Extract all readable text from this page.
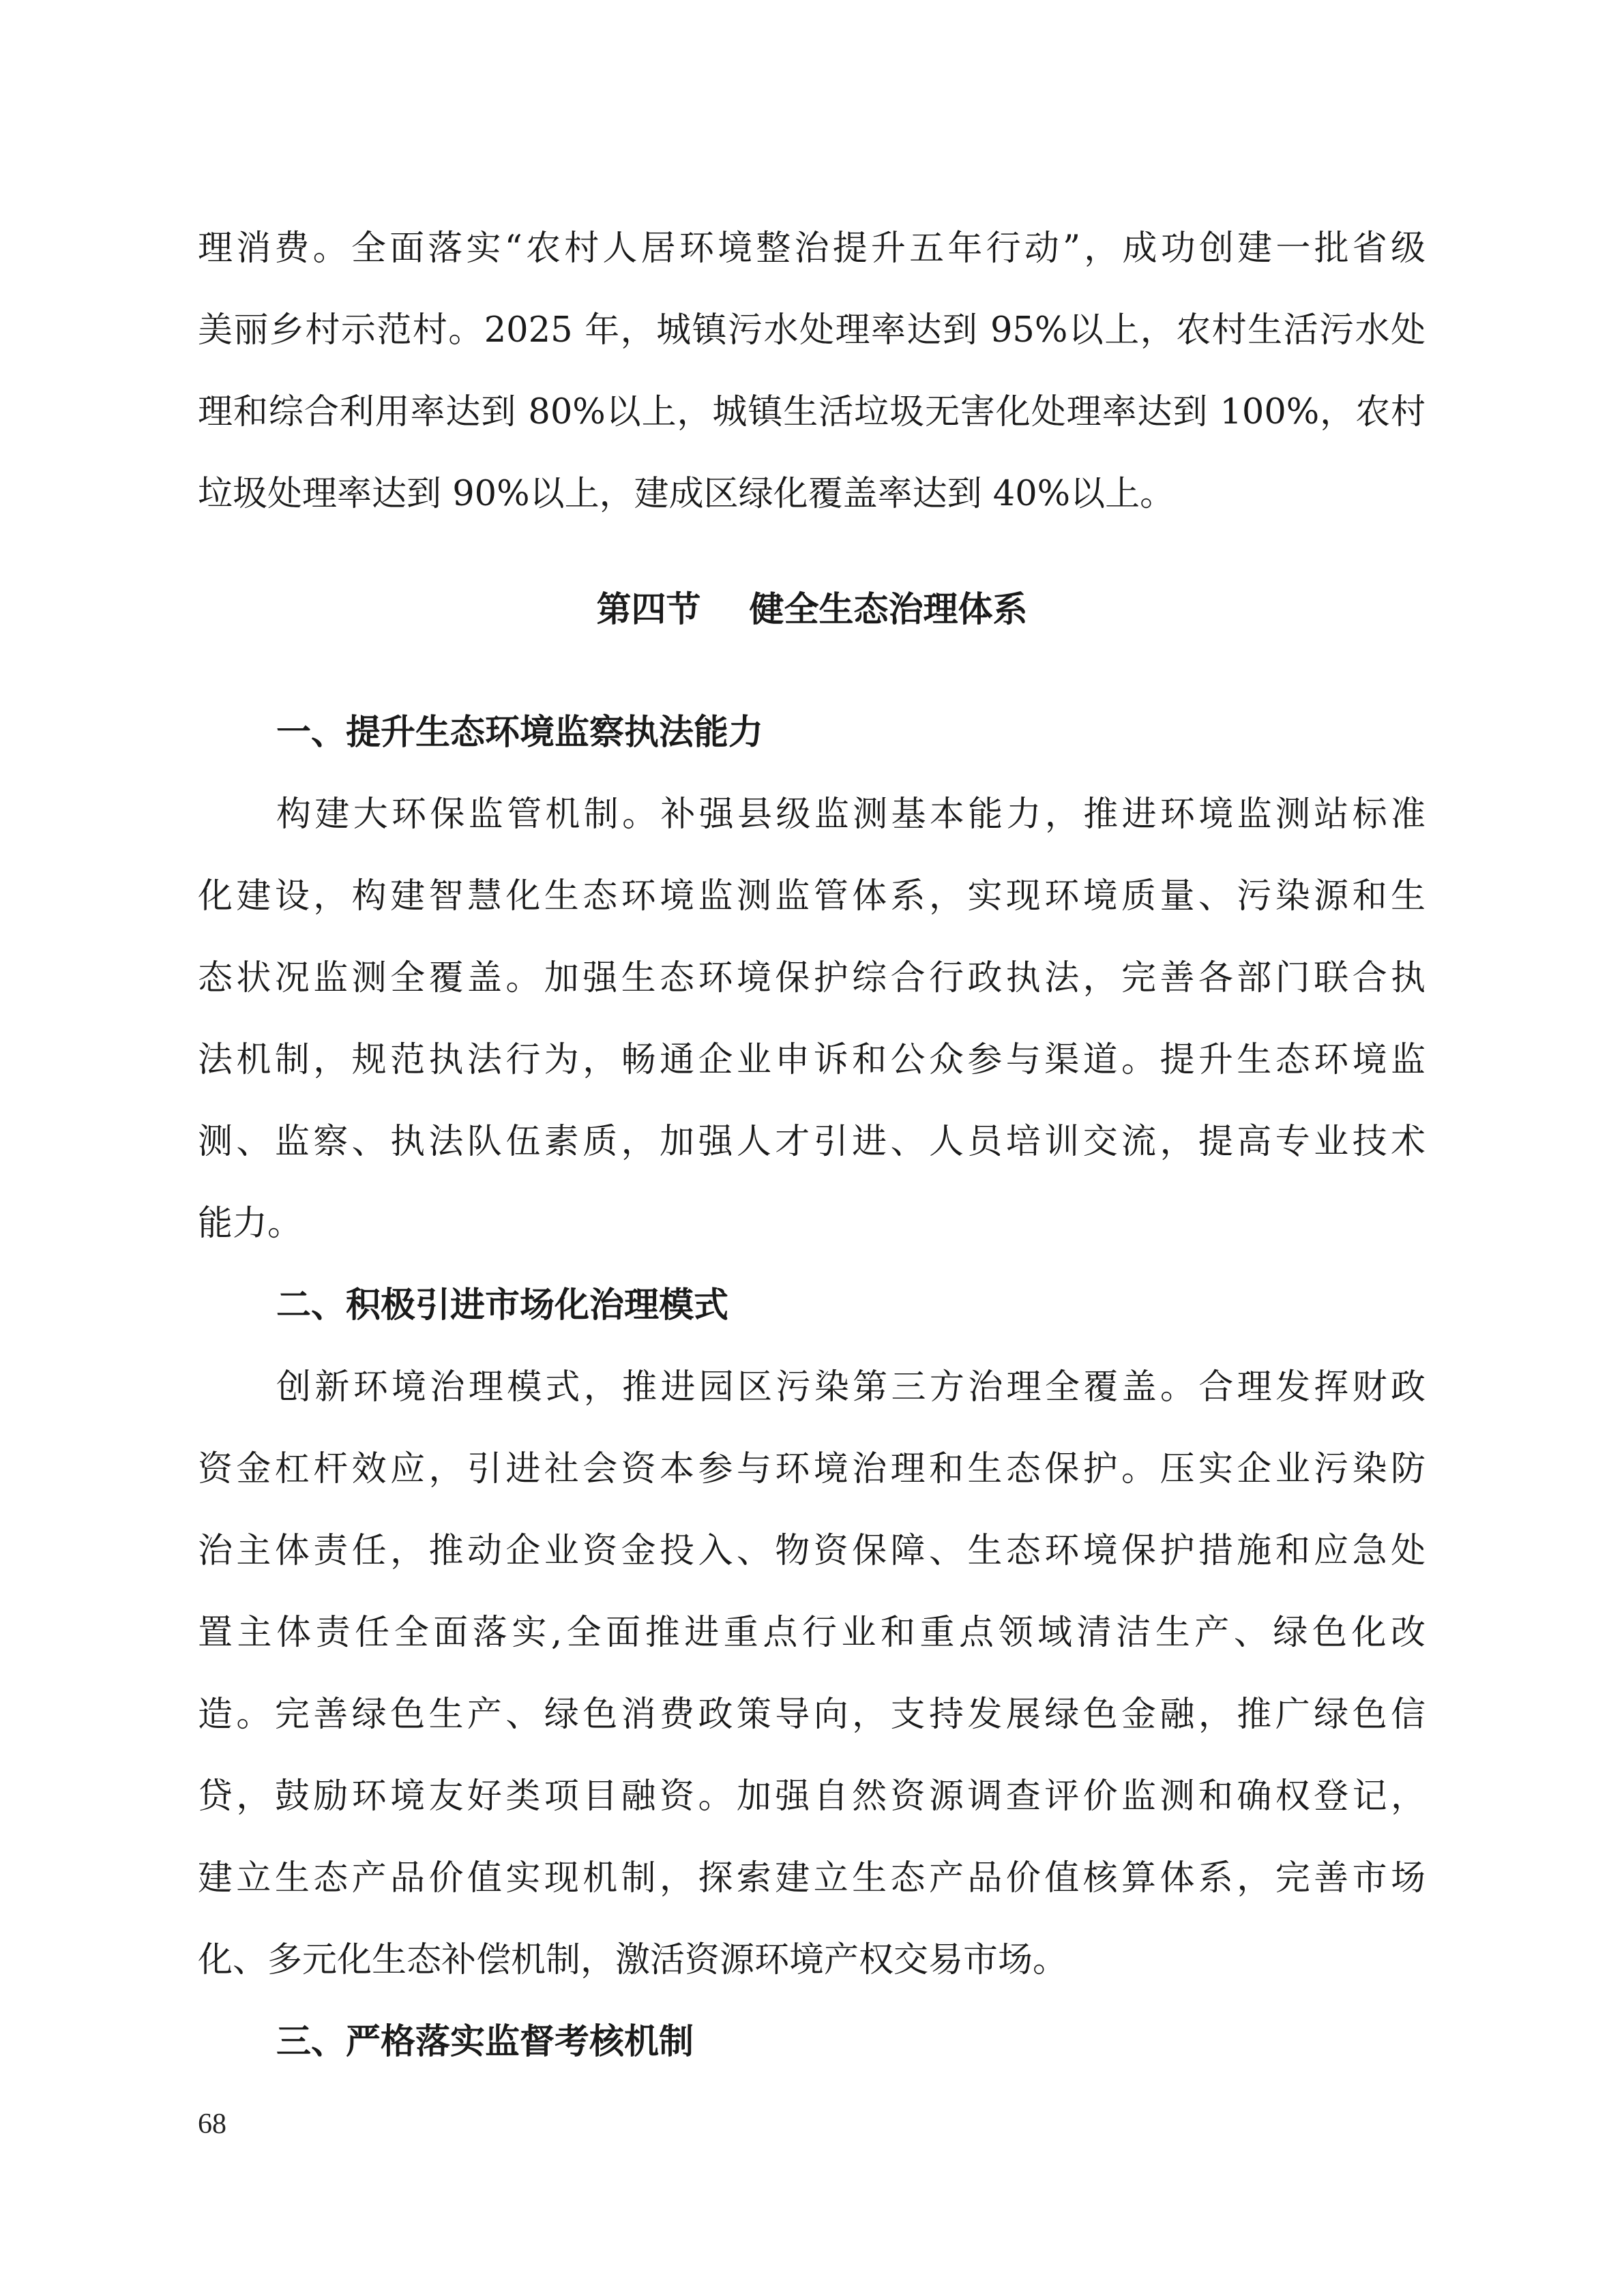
理消费。全面落实“农村人居环境整治提升五年行动”，成功创建一批省级
美丽乡村示范村。2025 年，城镇污水处理率达到 95%以上，农村生活污水处
理和综合利用率达到 80%以上，城镇生活垃圾无害化处理率达到 100%，农村
垃圾处理率达到 90%以上，建成区绿化覆盖率达到 40%以上。
第四节    健全生态治理体系
一、提升生态环境监察执法能力
构建大环保监管机制。补强县级监测基本能力，推进环境监测站标准
化建设，构建智慧化生态环境监测监管体系，实现环境质量、污染源和生
态状况监测全覆盖。加强生态环境保护综合行政执法，完善各部门联合执
法机制，规范执法行为，畅通企业申诉和公众参与渠道。提升生态环境监
测、监察、执法队伍素质，加强人才引进、人员培训交流，提高专业技术
能力。
二、积极引进市场化治理模式
创新环境治理模式，推进园区污染第三方治理全覆盖。合理发挥财政
资金杠杆效应，引进社会资本参与环境治理和生态保护。压实企业污染防
治主体责任，推动企业资金投入、物资保障、生态环境保护措施和应急处
置主体责任全面落实,全面推进重点行业和重点领域清洁生产、绿色化改
造。完善绿色生产、绿色消费政策导向，支持发展绿色金融，推广绿色信
贷，鼓励环境友好类项目融资。加强自然资源调查评价监测和确权登记，
建立生态产品价值实现机制，探索建立生态产品价值核算体系，完善市场
化、多元化生态补偿机制，激活资源环境产权交易市场。
三、严格落实监督考核机制
68
